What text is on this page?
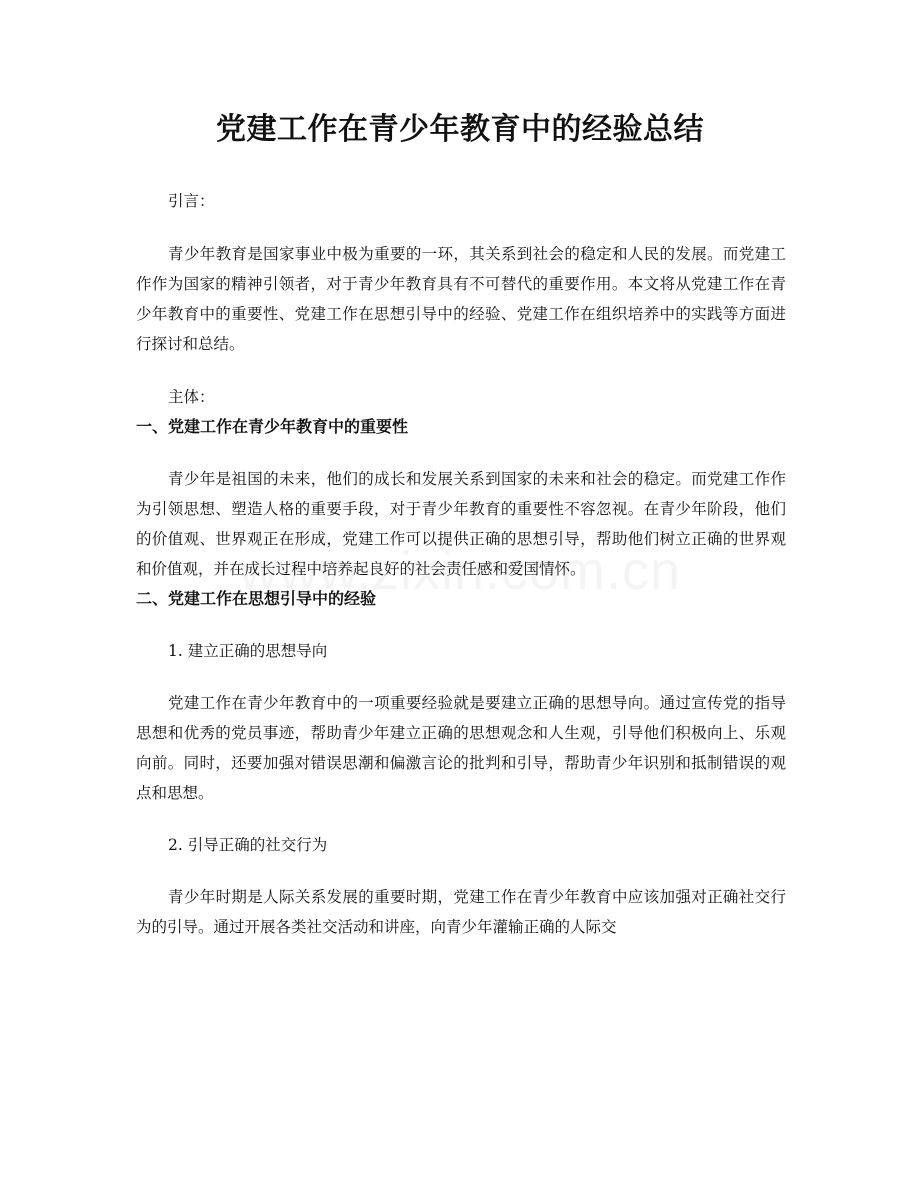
党建工作在青少年教育中的经验总结

引言：

青少年教育是国家事业中极为重要的一环，其关系到社会的稳定和人民的发展。而党建工作作为国家的精神引领者，对于青少年教育具有不可替代的重要作用。本文将从党建工作在青少年教育中的重要性、党建工作在思想引导中的经验、党建工作在组织培养中的实践等方面进行探讨和总结。

主体：

一、党建工作在青少年教育中的重要性

青少年是祖国的未来，他们的成长和发展关系到国家的未来和社会的稳定。而党建工作作为引领思想、塑造人格的重要手段，对于青少年教育的重要性不容忽视。在青少年阶段，他们的价值观、世界观正在形成，党建工作可以提供正确的思想引导，帮助他们树立正确的世界观和价值观，并在成长过程中培养起良好的社会责任感和爱国情怀。

二、党建工作在思想引导中的经验

1. 建立正确的思想导向

党建工作在青少年教育中的一项重要经验就是要建立正确的思想导向。通过宣传党的指导思想和优秀的党员事迹，帮助青少年建立正确的思想观念和人生观，引导他们积极向上、乐观向前。同时，还要加强对错误思潮和偏激言论的批判和引导，帮助青少年识别和抵制错误的观点和思想。

2. 引导正确的社交行为

青少年时期是人际关系发展的重要时期，党建工作在青少年教育中应该加强对正确社交行为的引导。通过开展各类社交活动和讲座，向青少年灌输正确的人际交
